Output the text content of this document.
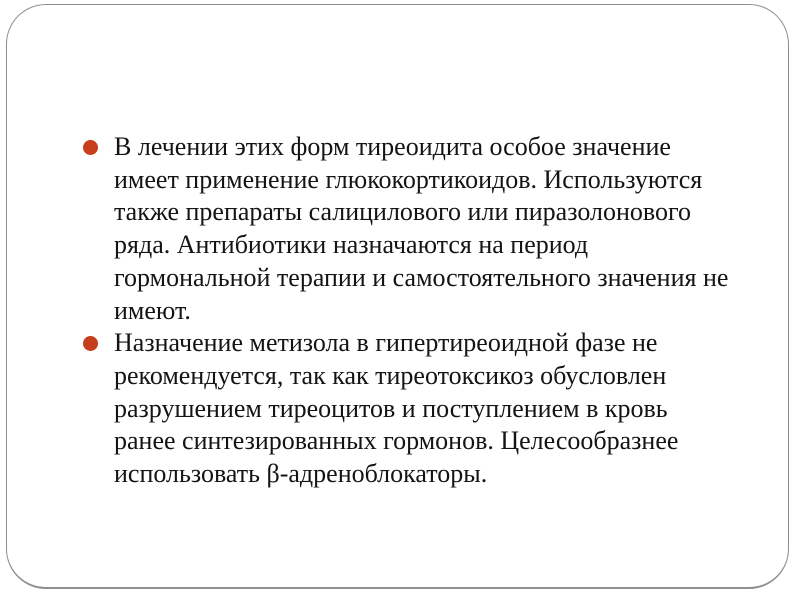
В лечении этих форм тиреоидита особое значение
имеет применение глюкокортикоидов. Используются
также препараты салицилового или пиразолонового
ряда. Антибиотики назначаются на период
гормональной терапии и самостоятельного значения не
имеют.
Назначение метизола в гипертиреоидной фазе не
рекомендуется, так как тиреотоксикоз обусловлен
разрушением тиреоцитов и поступлением в кровь
ранее синтезированных гормонов. Целесообразнее
использовать β-адреноблокаторы.
